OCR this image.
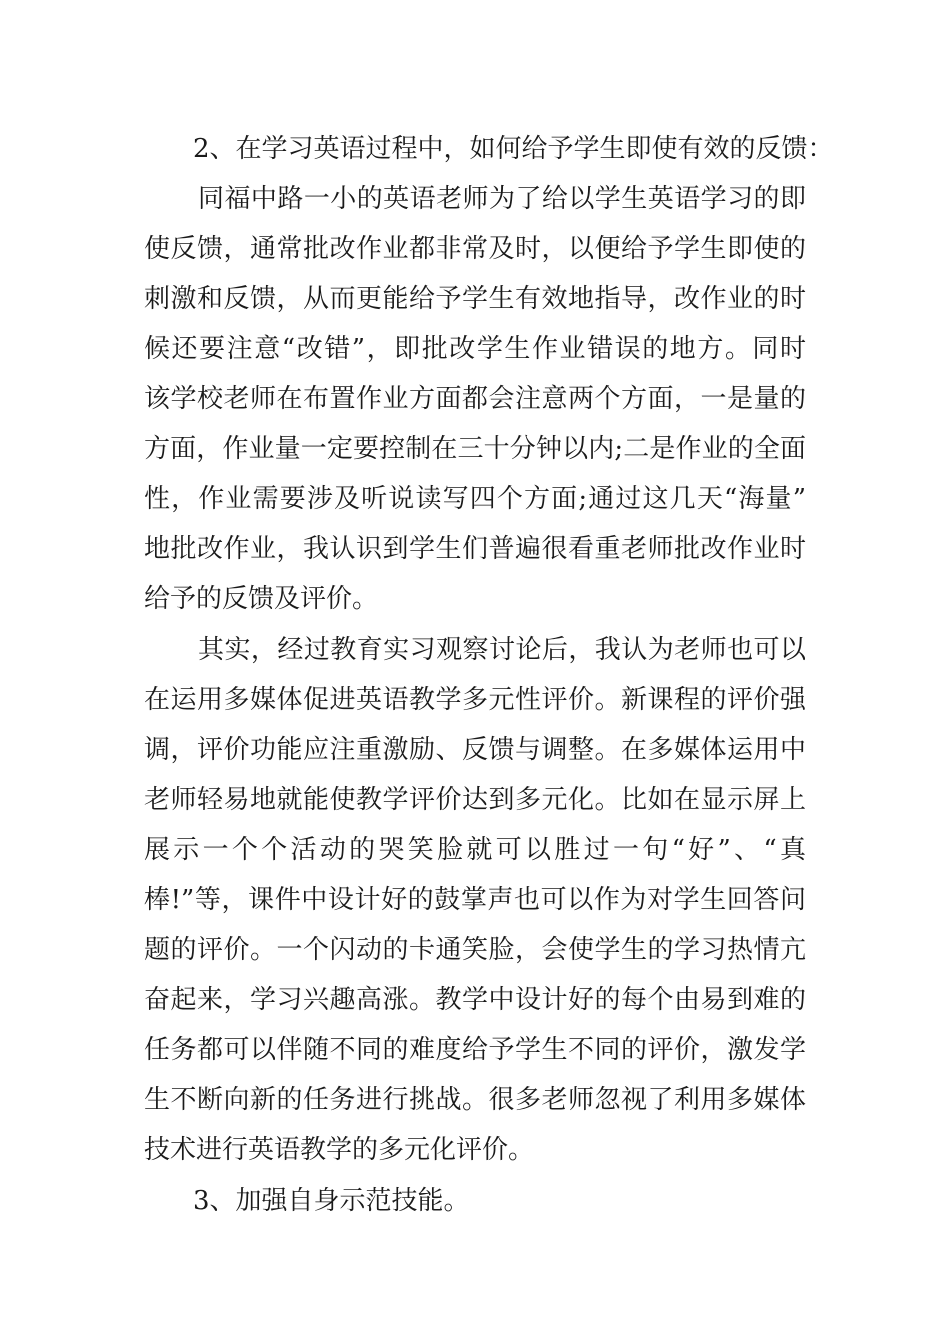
2、在学习英语过程中，如何给予学生即使有效的反馈：
同福中路一小的英语老师为了给以学生英语学习的即
使反馈，通常批改作业都非常及时，以便给予学生即使的
刺激和反馈，从而更能给予学生有效地指导，改作业的时
候还要注意“改错”，即批改学生作业错误的地方。同时
该学校老师在布置作业方面都会注意两个方面，一是量的
方面，作业量一定要控制在三十分钟以内;二是作业的全面
性，作业需要涉及听说读写四个方面;通过这几天“海量”
地批改作业，我认识到学生们普遍很看重老师批改作业时
给予的反馈及评价。
其实，经过教育实习观察讨论后，我认为老师也可以
在运用多媒体促进英语教学多元性评价。新课程的评价强
调，评价功能应注重激励、反馈与调整。在多媒体运用中
老师轻易地就能使教学评价达到多元化。比如在显示屏上
展示一个个活动的哭笑脸就可以胜过一句“好”、“真
棒!”等，课件中设计好的鼓掌声也可以作为对学生回答问
题的评价。一个闪动的卡通笑脸，会使学生的学习热情亢
奋起来，学习兴趣高涨。教学中设计好的每个由易到难的
任务都可以伴随不同的难度给予学生不同的评价，激发学
生不断向新的任务进行挑战。很多老师忽视了利用多媒体
技术进行英语教学的多元化评价。
3、加强自身示范技能。
